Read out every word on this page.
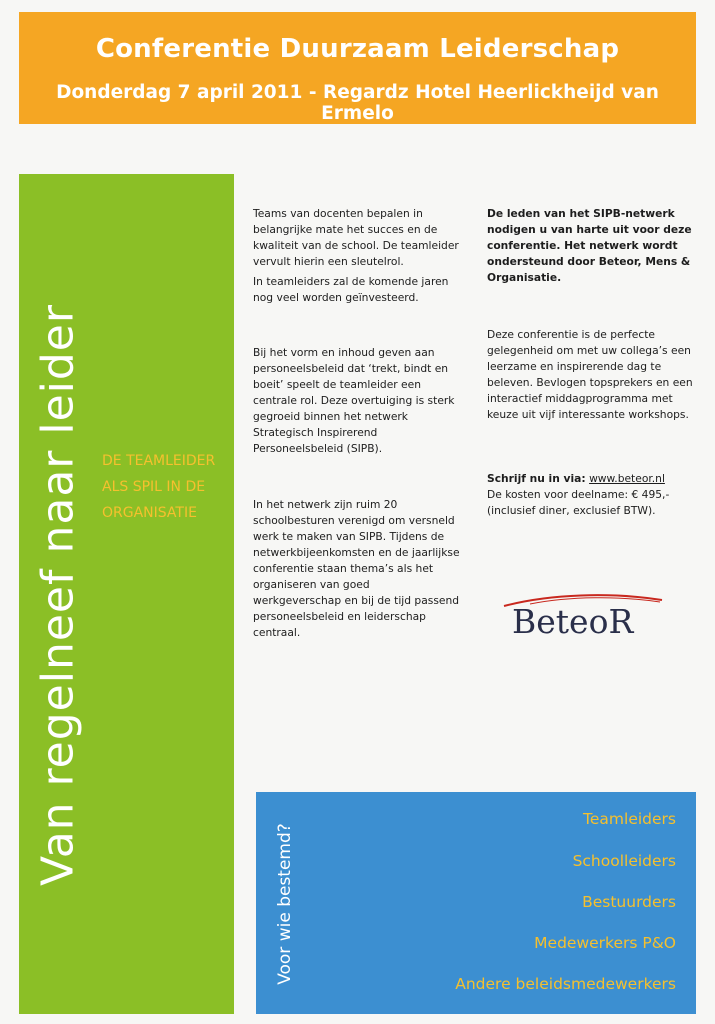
Conferentie Duurzaam Leiderschap
Donderdag 7 april 2011 - Regardz Hotel Heerlickheijd van Ermelo
Van regelneef naar leider DE TEAMLEIDER
ALS SPIL IN DE
ORGANISATIE

Teams van docenten bepalen in

belangrijke mate het succes en de

kwaliteit van de school. De teamleider

vervult hierin een sleutelrol.

In teamleiders zal de komende jaren

nog veel worden geïnvesteerd.

Bij het vorm en inhoud geven aan

personeelsbeleid dat ‘trekt, bindt en

boeit’ speelt de teamleider een

centrale rol. Deze overtuiging is sterk

gegroeid binnen het netwerk

Strategisch Inspirerend

Personeelsbeleid (SIPB).

In het netwerk zijn ruim 20

schoolbesturen verenigd om versneld

werk te maken van SIPB. Tijdens de

netwerkbijeenkomsten en de jaarlijkse

conferentie staan thema’s als het

organiseren van goed

werkgeverschap en bij de tijd passend

personeelsbeleid en leiderschap

centraal.

De leden van het SIPB-netwerk

nodigen u van harte uit voor deze

conferentie. Het netwerk wordt

ondersteund door Beteor, Mens &

Organisatie.

Deze conferentie is de perfecte

gelegenheid om met uw collega’s een

leerzame en inspirerende dag te

beleven. Bevlogen topsprekers en een

interactief middagprogramma met

keuze uit vijf interessante workshops.

Schrijf nu in via: www.beteor.nl

De kosten voor deelname: € 495,-

(inclusief diner, exclusief BTW).

BeteoR
Teamleiders
Schoolleiders
Bestuurders
Medewerkers P&O
Andere beleidsmedewerkers
Voor wie bestemd?
